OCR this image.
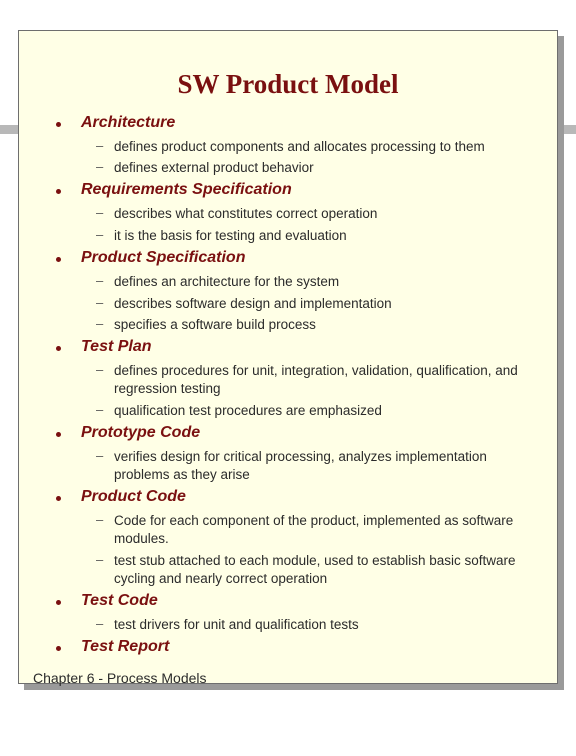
SW Product Model
Architecture
– defines product components and allocates processing to them
– defines external product behavior
Requirements Specification
– describes what constitutes correct operation
– it is the basis for testing and evaluation
Product Specification
– defines an architecture for the system
– describes software design and implementation
– specifies a software build process
Test Plan
– defines procedures for unit, integration, validation, qualification, and regression testing
– qualification test procedures are emphasized
Prototype Code
– verifies design for critical processing, analyzes implementation problems as they arise
Product Code
– Code for each component of the product, implemented as software modules.
– test stub attached to each module, used to establish basic software cycling and nearly correct operation
Test Code
– test drivers for unit and qualification tests
Test Report
Chapter 6 - Process Models
